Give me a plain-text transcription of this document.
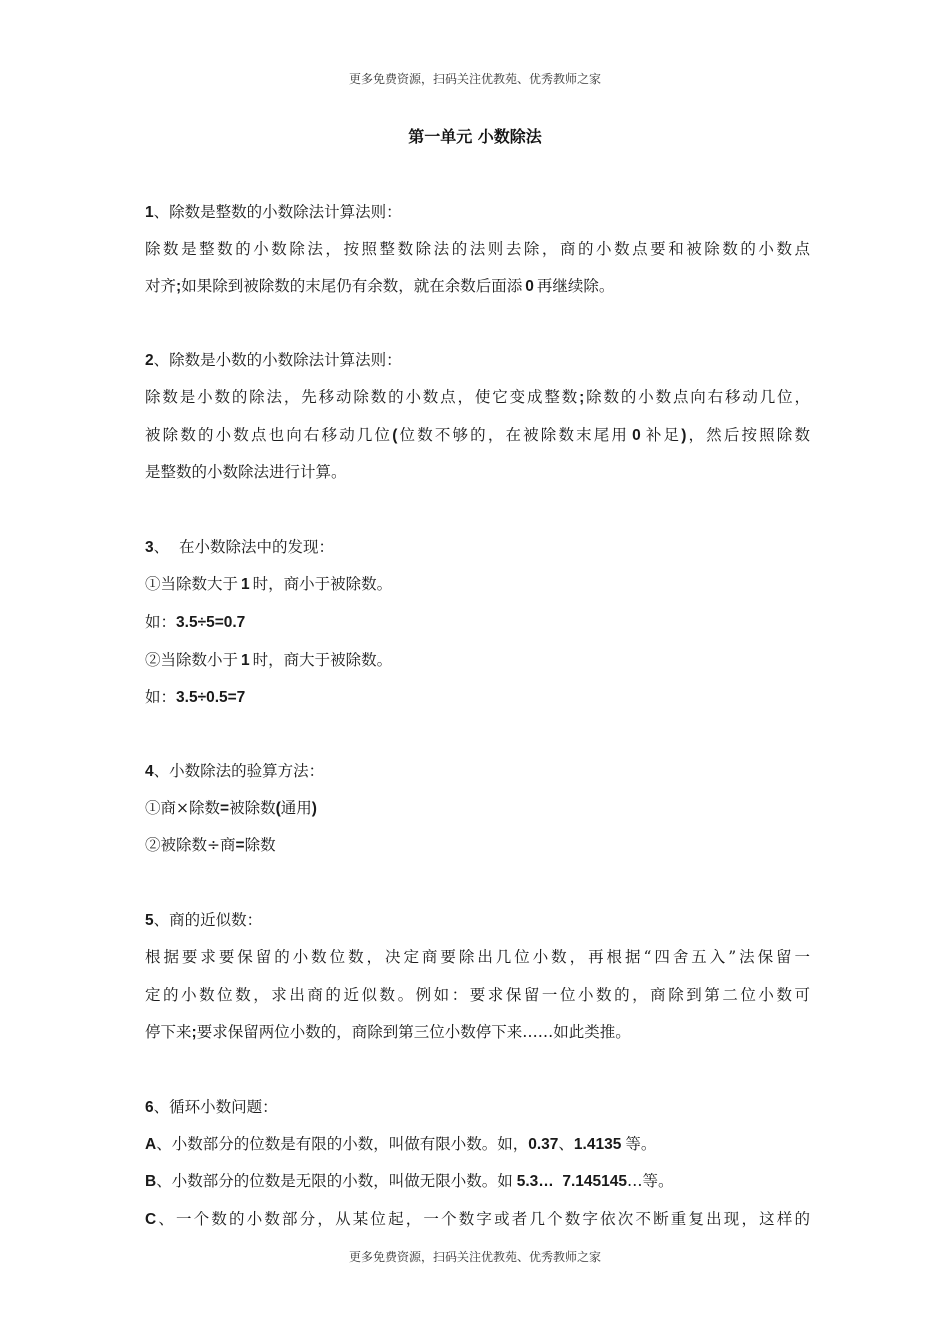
更多免费资源，扫码关注优教苑、优秀教师之家
第一单元 小数除法
1、除数是整数的小数除法计算法则：
除数是整数的小数除法，按照整数除法的法则去除，商的小数点要和被除数的小数点
对齐;如果除到被除数的末尾仍有余数，就在余数后面添 0 再继续除。
2、除数是小数的小数除法计算法则：
除数是小数的除法，先移动除数的小数点，使它变成整数;除数的小数点向右移动几位，
被除数的小数点也向右移动几位(位数不够的，在被除数末尾用 0 补足)，然后按照除数
是整数的小数除法进行计算。
3、  在小数除法中的发现：
①当除数大于 1 时，商小于被除数。
如：3.5÷5=0.7
②当除数小于 1 时，商大于被除数。
如：3.5÷0.5=7
4、小数除法的验算方法：
①商×除数=被除数(通用)
②被除数÷商=除数
5、商的近似数：
根据要求要保留的小数位数，决定商要除出几位小数，再根据“四舍五入”法保留一
定的小数位数，求出商的近似数。例如：要求保留一位小数的，商除到第二位小数可
停下来;要求保留两位小数的，商除到第三位小数停下来……如此类推。
6、循环小数问题：
A、小数部分的位数是有限的小数，叫做有限小数。如，0.37、1.4135 等。
B、小数部分的位数是无限的小数，叫做无限小数。如 5.3…  7.145145…等。
C、一个数的小数部分，从某位起，一个数字或者几个数字依次不断重复出现，这样的
更多免费资源，扫码关注优教苑、优秀教师之家
